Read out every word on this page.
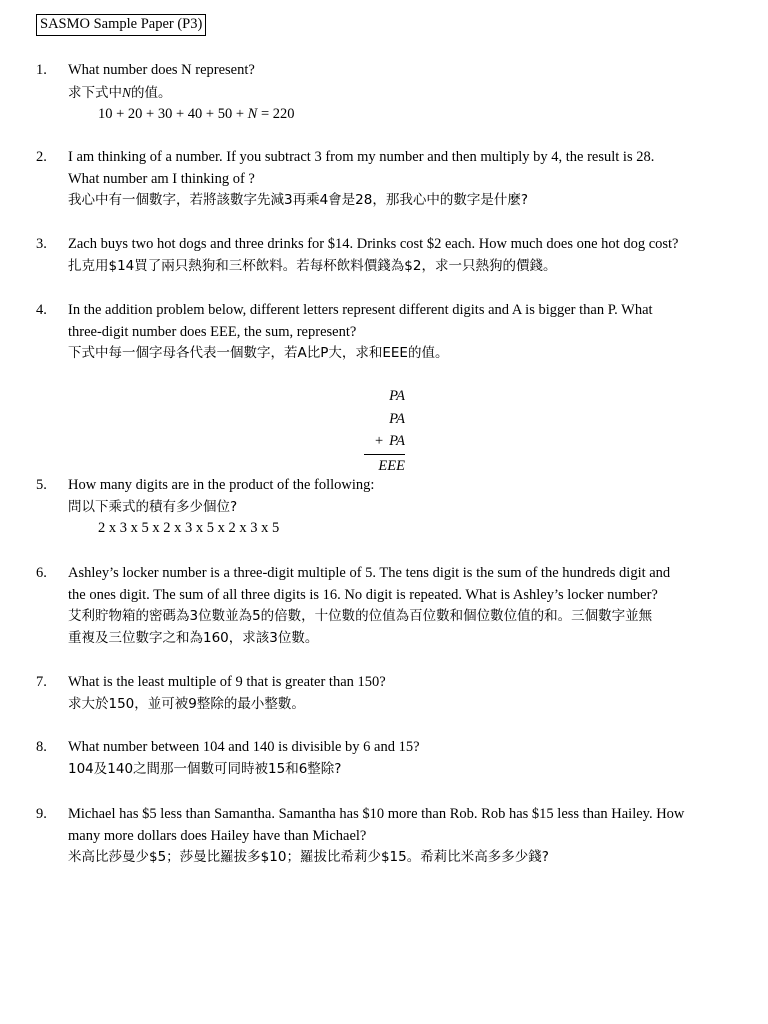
SASMO Sample Paper (P3)
1.	What number does N represent?
求下式中N的值。
10 + 20 + 30 + 40 + 50 + N = 220
2.	I am thinking of a number. If you subtract 3 from my number and then multiply by 4, the result is 28.
What number am I thinking of ?
我心中有一個數字，若將該數字先減3再乘4會是28，那我心中的數字是什麼?
3.	Zach buys two hot dogs and three drinks for $14. Drinks cost $2 each. How much does one hot dog cost?
扎克用$14買了兩只熱狗和三杯飲料。若每杯飲料價錢為$2，求一只熱狗的價錢。
4.	In the addition problem below, different letters represent different digits and A is bigger than P. What
three-digit number does EEE, the sum, represent?
下式中每一個字母各代表一個數字，若A比P大，求和EEE的值。
PA
PA
+ PA
EEE
5.	How many digits are in the product of the following:
問以下乘式的積有多少個位?
2 x 3 x 5 x 2 x 3 x 5 x 2 x 3 x 5
6.	Ashley’s locker number is a three-digit multiple of 5. The tens digit is the sum of the hundreds digit and
the ones digit. The sum of all three digits is 16. No digit is repeated. What is Ashley’s locker number?
艾利貯物箱的密碼為3位數並為5的倍數，十位數的位值為百位數和個位數位值的和。三個數字並無
重複及三位數字之和為160，求該3位數。
7.	What is the least multiple of 9 that is greater than 150?
求大於150，並可被9整除的最小整數。
8.	What number between 104 and 140 is divisible by 6 and 15?
104及140之間那一個數可同時被15和6整除?
9.	Michael has $5 less than Samantha. Samantha has $10 more than Rob. Rob has $15 less than Hailey. How
many more dollars does Hailey have than Michael?
米高比莎曼少$5；莎曼比羅拔多$10；羅拔比希莉少$15。希莉比米高多多少錢?
